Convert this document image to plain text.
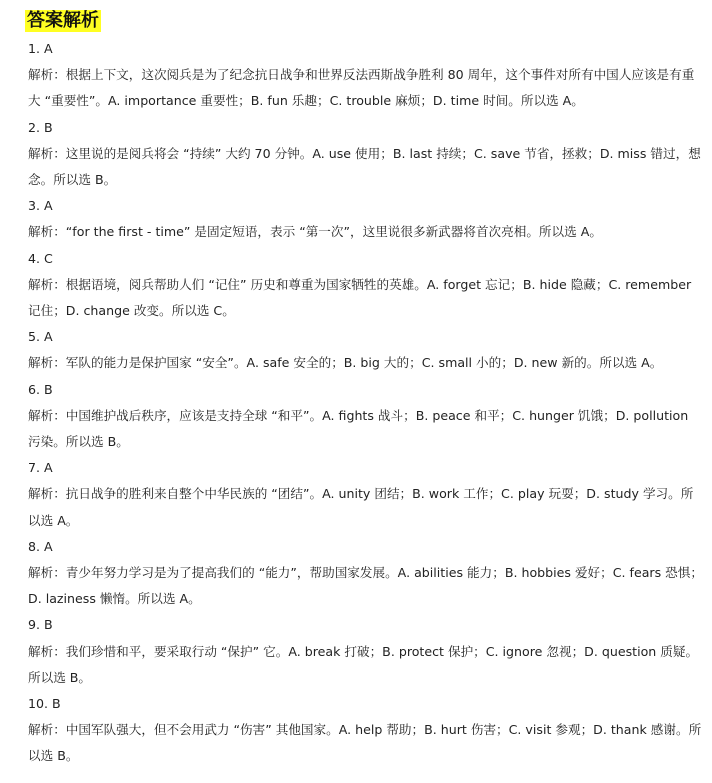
答案解析
1. A
解析：根据上下文，这次阅兵是为了纪念抗日战争和世界反法西斯战争胜利 80 周年，这个事件对所有中国人应该是有重大 “重要性”。A. importance 重要性；B. fun 乐趣；C. trouble 麻烦；D. time 时间。所以选 A。
2. B
解析：这里说的是阅兵将会 “持续” 大约 70 分钟。A. use 使用；B. last 持续；C. save 节省，拯救；D. miss 错过，想念。所以选 B。
3. A
解析：“for the first - time” 是固定短语，表示 “第一次”，这里说很多新武器将首次亮相。所以选 A。
4. C
解析：根据语境，阅兵帮助人们 “记住” 历史和尊重为国家牺牲的英雄。A. forget 忘记；B. hide 隐藏；C. remember 记住；D. change 改变。所以选 C。
5. A
解析：军队的能力是保护国家 “安全”。A. safe 安全的；B. big 大的；C. small 小的；D. new 新的。所以选 A。
6. B
解析：中国维护战后秩序，应该是支持全球 “和平”。A. fights 战斗；B. peace 和平；C. hunger 饥饿；D. pollution 污染。所以选 B。
7. A
解析：抗日战争的胜利来自整个中华民族的 “团结”。A. unity 团结；B. work 工作；C. play 玩耍；D. study 学习。所以选 A。
8. A
解析：青少年努力学习是为了提高我们的 “能力”，帮助国家发展。A. abilities 能力；B. hobbies 爱好；C. fears 恐惧；D. laziness 懒惰。所以选 A。
9. B
解析：我们珍惜和平，要采取行动 “保护” 它。A. break 打破；B. protect 保护；C. ignore 忽视；D. question 质疑。所以选 B。
10. B
解析：中国军队强大，但不会用武力 “伤害” 其他国家。A. help 帮助；B. hurt 伤害；C. visit 参观；D. thank 感谢。所以选 B。
